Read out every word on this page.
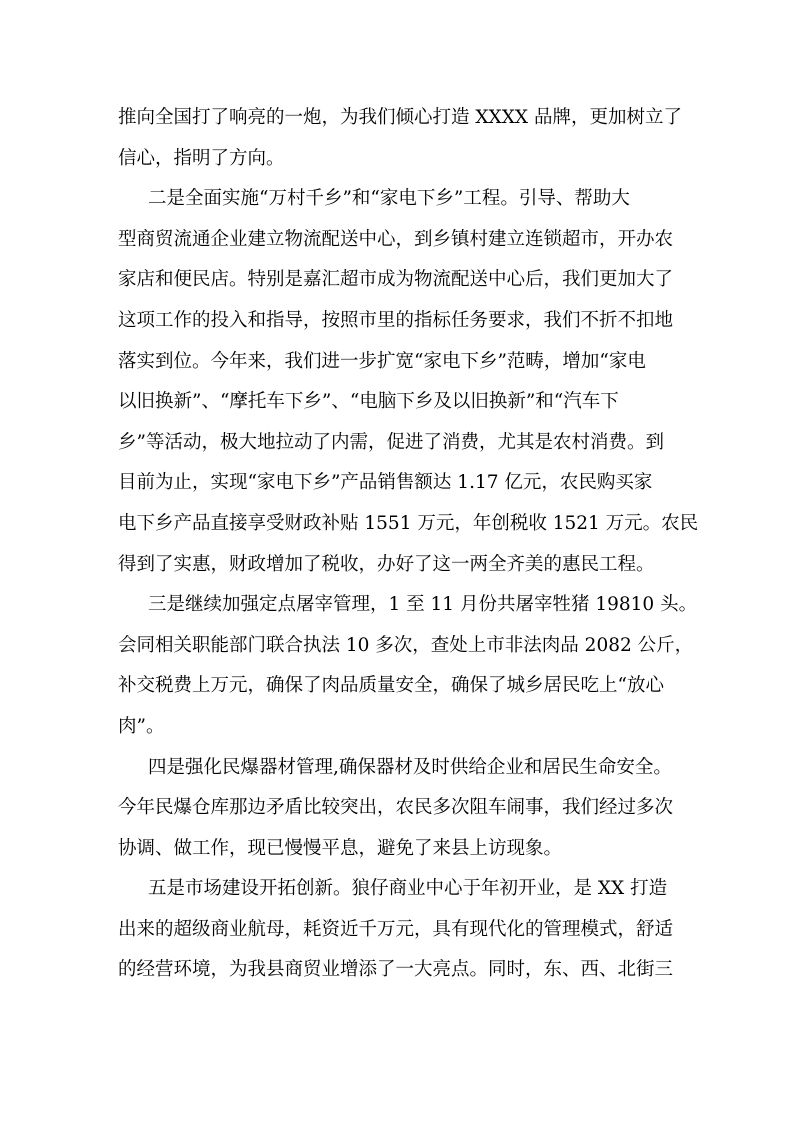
推向全国打了响亮的一炮，为我们倾心打造 XXXX 品牌，更加树立了
信心，指明了方向。
二是全面实施“万村千乡”和“家电下乡”工程。引导、帮助大
型商贸流通企业建立物流配送中心，到乡镇村建立连锁超市，开办农
家店和便民店。特别是嘉汇超市成为物流配送中心后，我们更加大了
这项工作的投入和指导，按照市里的指标任务要求，我们不折不扣地
落实到位。今年来，我们进一步扩宽“家电下乡”范畴，增加“家电
以旧换新”、“摩托车下乡”、“电脑下乡及以旧换新”和“汽车下
乡”等活动，极大地拉动了内需，促进了消费，尤其是农村消费。到
目前为止，实现“家电下乡”产品销售额达 1.17 亿元，农民购买家
电下乡产品直接享受财政补贴 1551 万元，年创税收 1521 万元。农民
得到了实惠，财政增加了税收，办好了这一两全齐美的惠民工程。
三是继续加强定点屠宰管理，1 至 11 月份共屠宰牲猪 19810 头。
会同相关职能部门联合执法 10 多次，查处上市非法肉品 2082 公斤，
补交税费上万元，确保了肉品质量安全，确保了城乡居民吃上“放心
肉”。
四是强化民爆器材管理,确保器材及时供给企业和居民生命安全。
今年民爆仓库那边矛盾比较突出，农民多次阻车闹事，我们经过多次
协调、做工作，现已慢慢平息，避免了来县上访现象。
五是市场建设开拓创新。狼仔商业中心于年初开业，是 XX 打造
出来的超级商业航母，耗资近千万元，具有现代化的管理模式，舒适
的经营环境，为我县商贸业增添了一大亮点。同时，东、西、北街三
